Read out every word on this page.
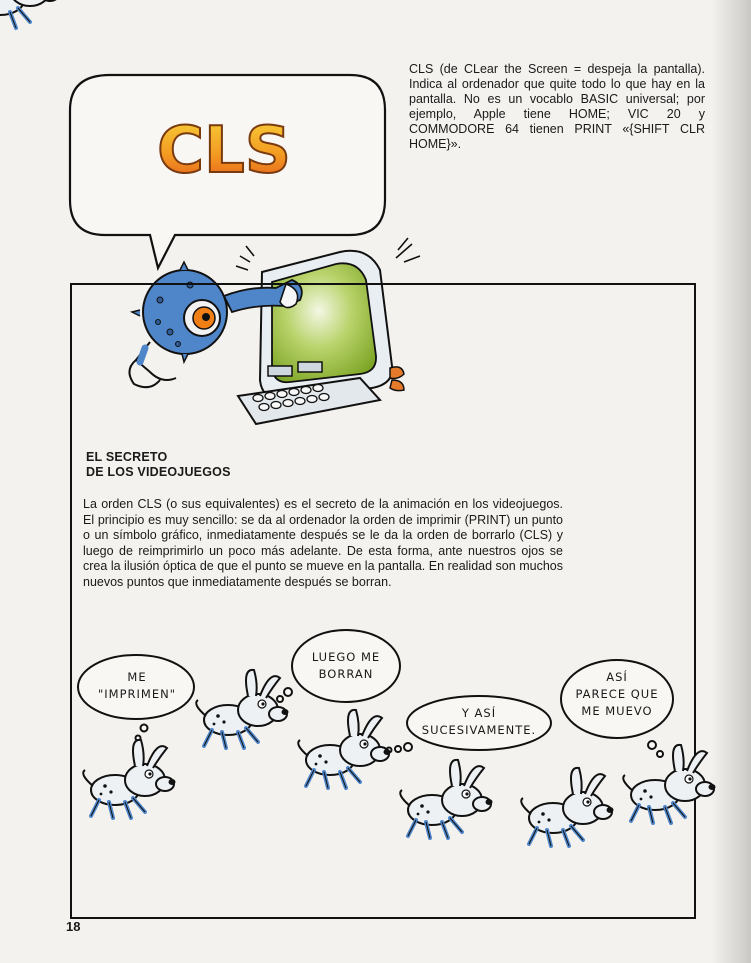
CLS
CLS (de CLear the Screen = despeja la pantalla). Indica al ordenador que quite todo lo que hay en la pantalla. No es un vocablo BASIC universal; por ejemplo, Apple tiene HOME; VIC 20 y COMMODORE 64 tienen PRINT «{SHIFT CLR HOME}».
EL SECRETO
DE LOS VIDEOJUEGOS
La orden CLS (o sus equivalentes) es el secreto de la animación en los videojuegos. El principio es muy sencillo: se da al ordenador la orden de imprimir (PRINT) un punto o un símbolo gráfico, inmediatamente después se le da la orden de borrarlo (CLS) y luego de reimprimirlo un poco más adelante. De esta forma, ante nuestros ojos se crea la ilusión óptica de que el punto se mueve en la pantalla. En realidad son muchos nuevos puntos que inmediatamente después se borran.
ME
"IMPRIMEN"
LUEGO ME
BORRAN
Y ASÍ
SUCESIVAMENTE.
ASÍ
PARECE QUE
ME MUEVO
18
